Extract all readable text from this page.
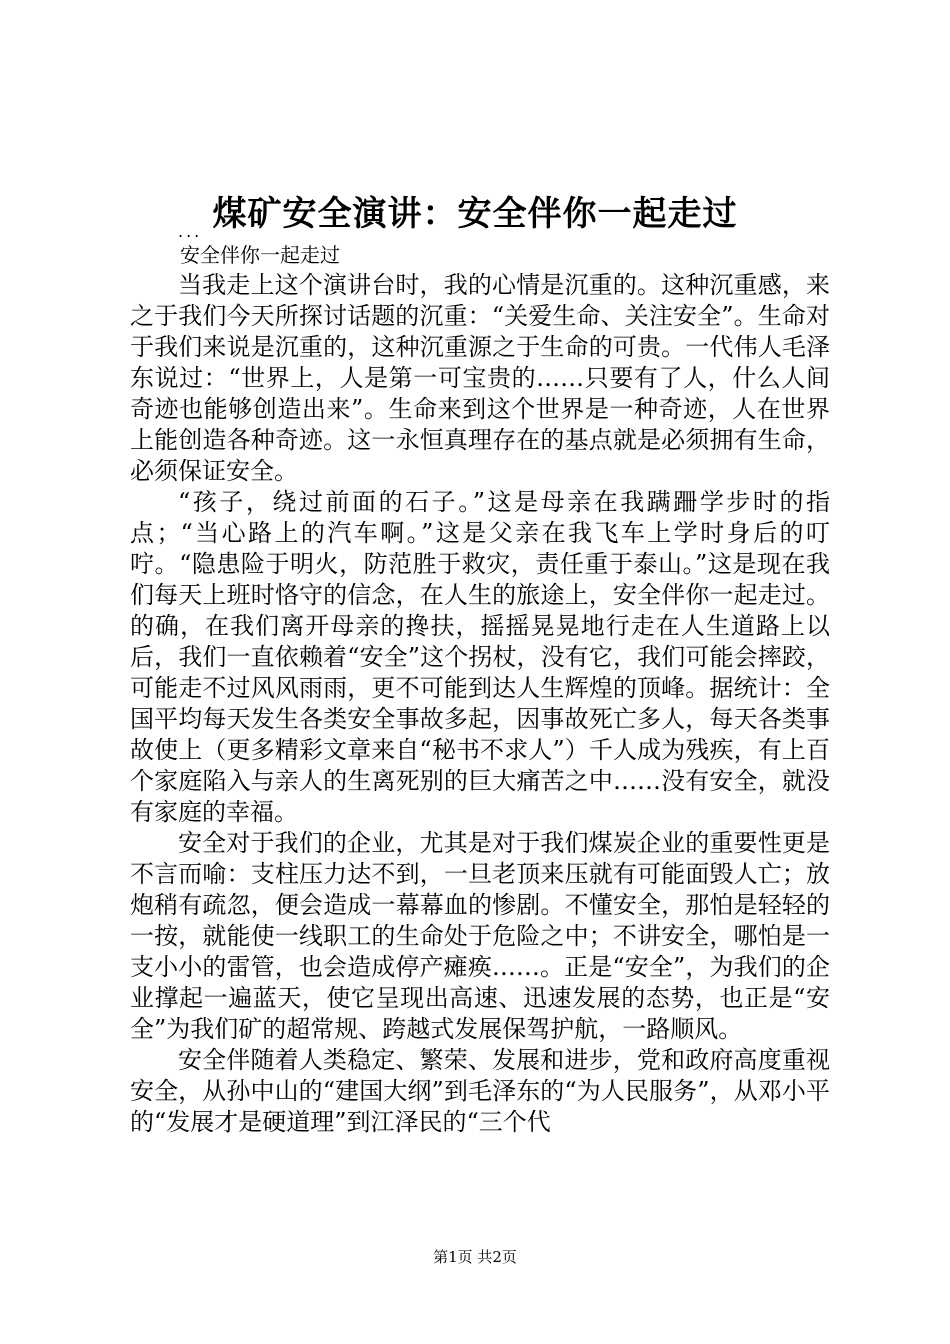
煤矿安全演讲：安全伴你一起走过
...
安全伴你一起走过

当我走上这个演讲台时，我的心情是沉重的。这种沉重感，来之于我们今天所探讨话题的沉重：“关爱生命、关注安全”。生命对于我们来说是沉重的，这种沉重源之于生命的可贵。一代伟人毛泽东说过：“世界上，人是第一可宝贵的……只要有了人，什么人间奇迹也能够创造出来”。生命来到这个世界是一种奇迹，人在世界上能创造各种奇迹。这一永恒真理存在的基点就是必须拥有生命，必须保证安全。

“孩子，绕过前面的石子。”这是母亲在我蹒跚学步时的指点；“当心路上的汽车啊。”这是父亲在我飞车上学时身后的叮咛。“隐患险于明火，防范胜于救灾，责任重于泰山。”这是现在我们每天上班时恪守的信念，在人生的旅途上，安全伴你一起走过。的确，在我们离开母亲的搀扶，摇摇晃晃地行走在人生道路上以后，我们一直依赖着“安全”这个拐杖，没有它，我们可能会摔跤，可能走不过风风雨雨，更不可能到达人生辉煌的顶峰。据统计：全国平均每天发生各类安全事故多起，因事故死亡多人，每天各类事故使上（更多精彩文章来自“秘书不求人”）千人成为残疾，有上百个家庭陷入与亲人的生离死别的巨大痛苦之中……没有安全，就没有家庭的幸福。

安全对于我们的企业，尤其是对于我们煤炭企业的重要性更是不言而喻：支柱压力达不到，一旦老顶来压就有可能面毁人亡；放炮稍有疏忽，便会造成一幕幕血的惨剧。不懂安全，那怕是轻轻的一按，就能使一线职工的生命处于危险之中；不讲安全，哪怕是一支小小的雷管，也会造成停产瘫痪……。正是“安全”，为我们的企业撑起一遍蓝天，使它呈现出高速、迅速发展的态势，也正是“安全”为我们矿的超常规、跨越式发展保驾护航，一路顺风。

安全伴随着人类稳定、繁荣、发展和进步，党和政府高度重视安全，从孙中山的“建国大纲”到毛泽东的“为人民服务”，从邓小平的“发展才是硬道理”到江泽民的“三个代

第1页 共2页
